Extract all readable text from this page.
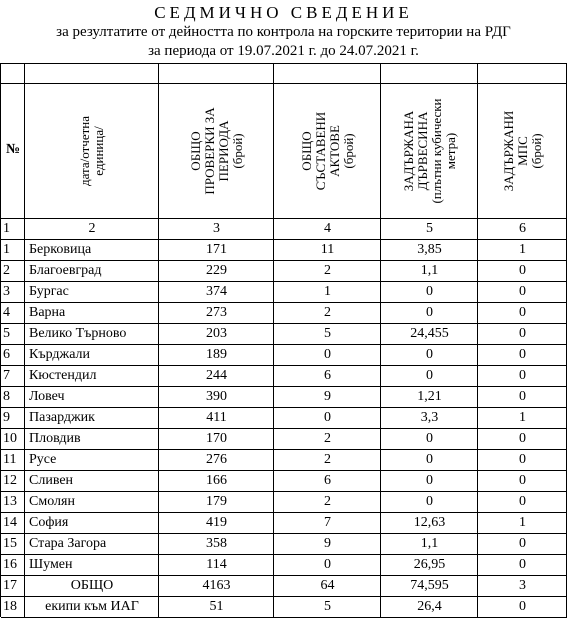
СЕДМИЧНО СВЕДЕНИЕ
за резултатите от дейността по контрола на горските територии на РДГ
за периода от 19.07.2021 г. до 24.07.2021 г.
№	дата/отчетна единица/	ОБЩО ПРОВЕРКИ ЗА ПЕРИОДА (брой)	ОБЩО СЪСТАВЕНИ АКТОВЕ (брой)	ЗАДЪРЖАНА ДЪРВЕСИНА (плътни кубически метра)	ЗАДЪРЖАНИ МПС (брой)
1	2	3	4	5	6
1	Берковица	171	11	3,85	1
2	Благоевград	229	2	1,1	0
3	Бургас	374	1	0	0
4	Варна	273	2	0	0
5	Велико Търново	203	5	24,455	0
6	Кърджали	189	0	0	0
7	Кюстендил	244	6	0	0
8	Ловеч	390	9	1,21	0
9	Пазарджик	411	0	3,3	1
10 Пловдив	170	2	0	0
11 Русе	276	2	0	0
12 Сливен	166	6	0	0
13 Смолян	179	2	0	0
14 София	419	7	12,63	1
15 Стара Загора	358	9	1,1	0
16 Шумен	114	0	26,95	0
17	ОБЩО	4163	64	74,595	3
18	екипи към ИАГ	51	5	26,4	0
